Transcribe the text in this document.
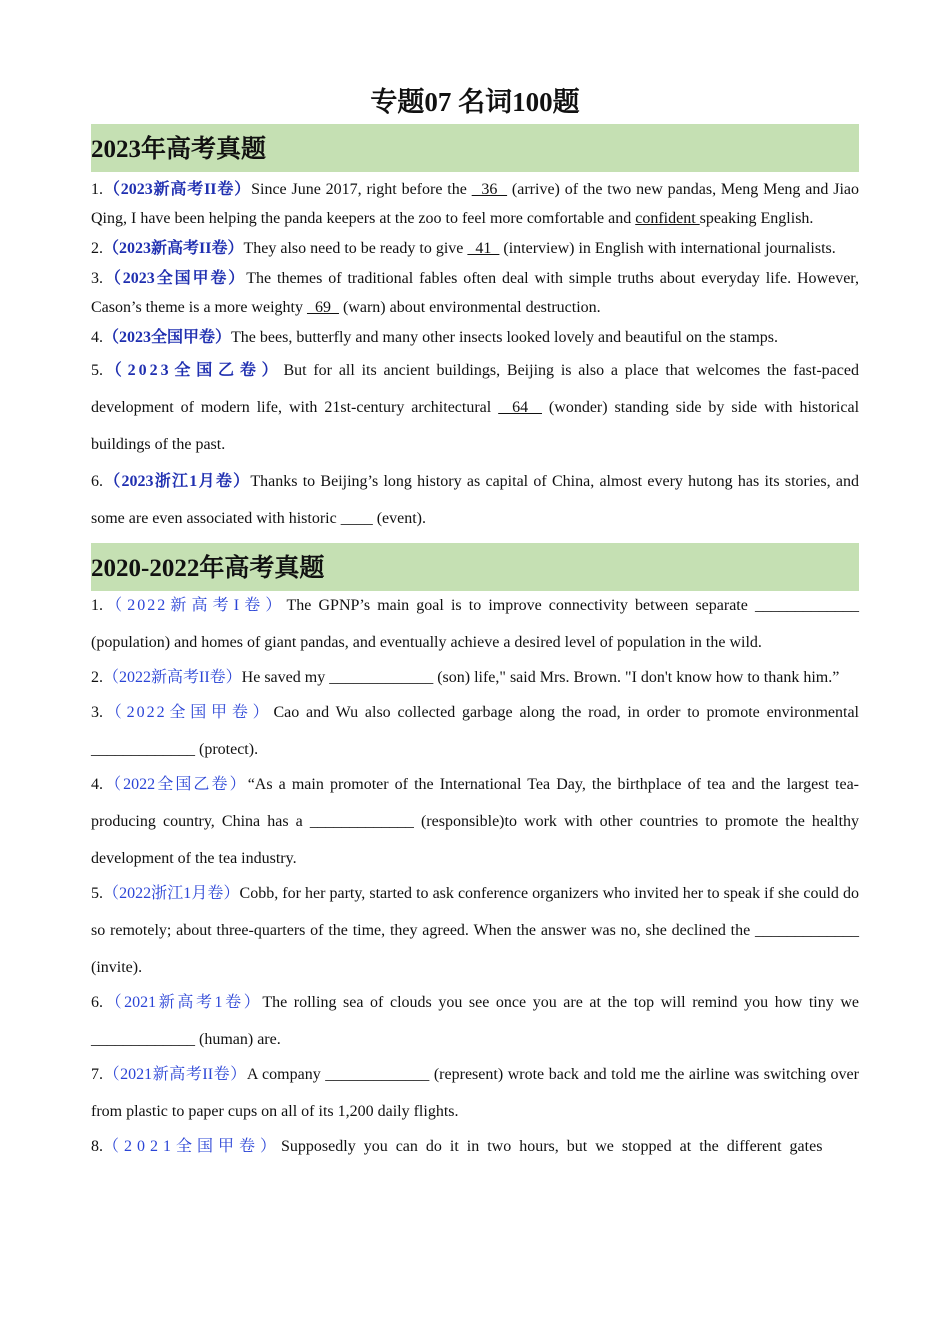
专题07 名词100题
2023年高考真题

1.（2023新高考II卷）Since June 2017, right before the   36   (arrive) of the two new pandas, Meng Meng and Jiao Qing, I have been helping the panda keepers at the zoo to feel more comfortable and confident speaking English.

2.（2023新高考II卷）They also need to be ready to give   41   (interview) in English with international journalists.

3.（2023全国甲卷）The themes of traditional fables often deal with simple truths about everyday life. However, Cason’s theme is a more weighty   69   (warn) about environmental destruction.

4.（2023全国甲卷）The bees, butterfly and many other insects looked lovely and beautiful on the stamps.

5.（2023全国乙卷）But for all its ancient buildings, Beijing is also a place that welcomes the fast-paced development of modern life, with 21st-century architectural   64   (wonder) standing side by side with historical buildings of the past.

6.（2023浙江1月卷）Thanks to Beijing’s long history as capital of China, almost every hutong has its stories, and some are even associated with historic ____ (event).

2020-2022年高考真题

1.（2022新高考I卷）The GPNP’s main goal is to improve connectivity between separate _____________ (population) and homes of giant pandas, and eventually achieve a desired level of population in the wild.

2.（2022新高考II卷）He saved my _____________ (son) life," said Mrs. Brown. "I don't know how to thank him.”

3.（2022全国甲卷）Cao and Wu also collected garbage along the road, in order to promote environmental _____________ (protect).

4.（2022全国乙卷）“As a main promoter of the International Tea Day, the birthplace of tea and the largest tea-producing country, China has a _____________ (responsible)to work with other countries to promote the healthy development of the tea industry.

5.（2022浙江1月卷）Cobb, for her party, started to ask conference organizers who invited her to speak if she could do so remotely; about three-quarters of the time, they agreed. When the answer was no, she declined the _____________ (invite).

6.（2021新高考1卷）The rolling sea of clouds you see once you are at the top will remind you how tiny we _____________ (human) are.

7.（2021新高考II卷）A company _____________ (represent) wrote back and told me the airline was switching over from plastic to paper cups on all of its 1,200 daily flights.

8.（2021全国甲卷）Supposedly you can do it in two hours, but we stopped at the different gates
